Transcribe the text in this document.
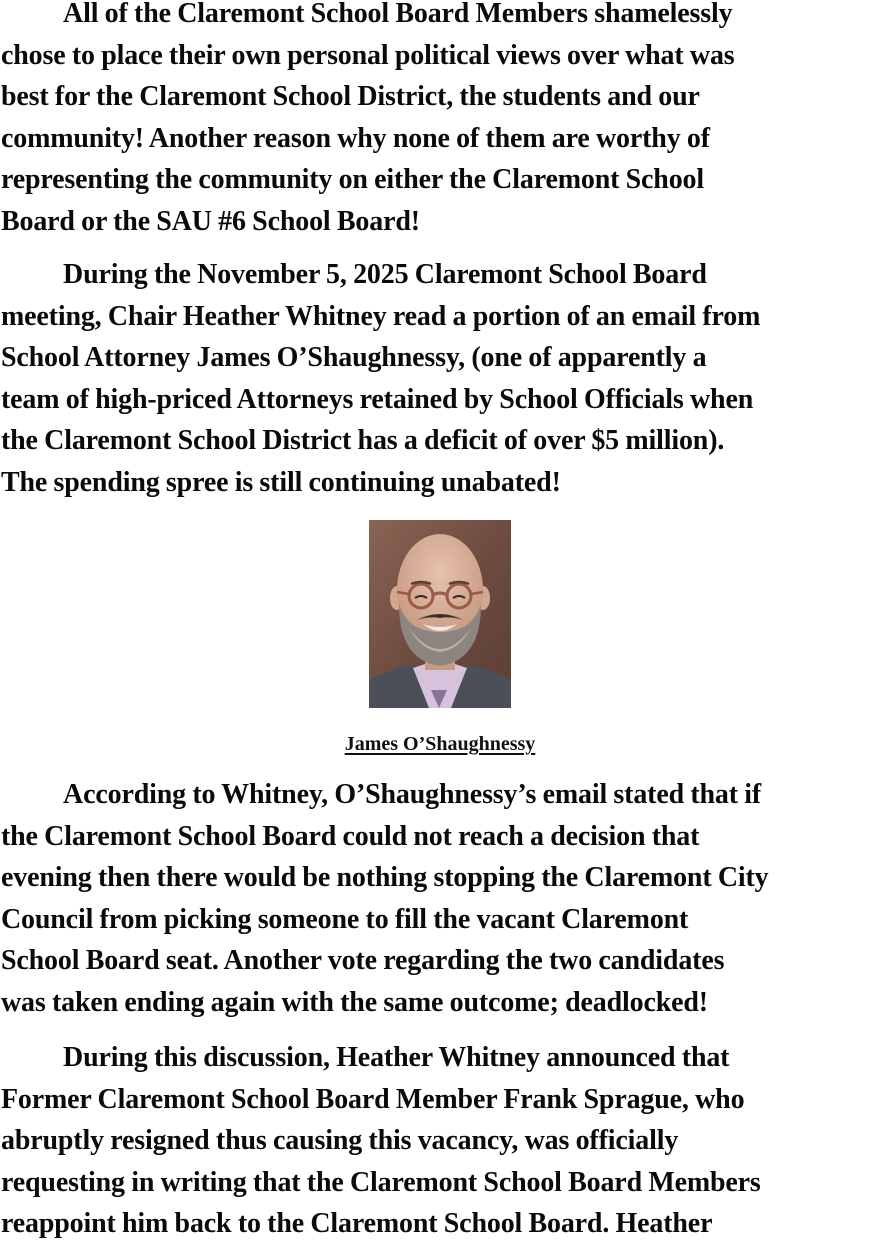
All of the Claremont School Board Members shamelessly
chose to place their own personal political views over what was
best for the Claremont School District, the students and our
community! Another reason why none of them are worthy of
representing the community on either the Claremont School
Board or the SAU #6 School Board!
During the November 5, 2025 Claremont School Board
meeting, Chair Heather Whitney read a portion of an email from
School Attorney James O’Shaughnessy, (one of apparently a
team of high-priced Attorneys retained by School Officials when
the Claremont School District has a deficit of over $5 million).
The spending spree is still continuing unabated!
According to Whitney, O’Shaughnessy’s email stated that if
the Claremont School Board could not reach a decision that
evening then there would be nothing stopping the Claremont City
Council from picking someone to fill the vacant Claremont
School Board seat. Another vote regarding the two candidates
was taken ending again with the same outcome; deadlocked!
During this discussion, Heather Whitney announced that
Former Claremont School Board Member Frank Sprague, who
abruptly resigned thus causing this vacancy, was officially
requesting in writing that the Claremont School Board Members
reappoint him back to the Claremont School Board. Heather
James O’Shaughnessy
